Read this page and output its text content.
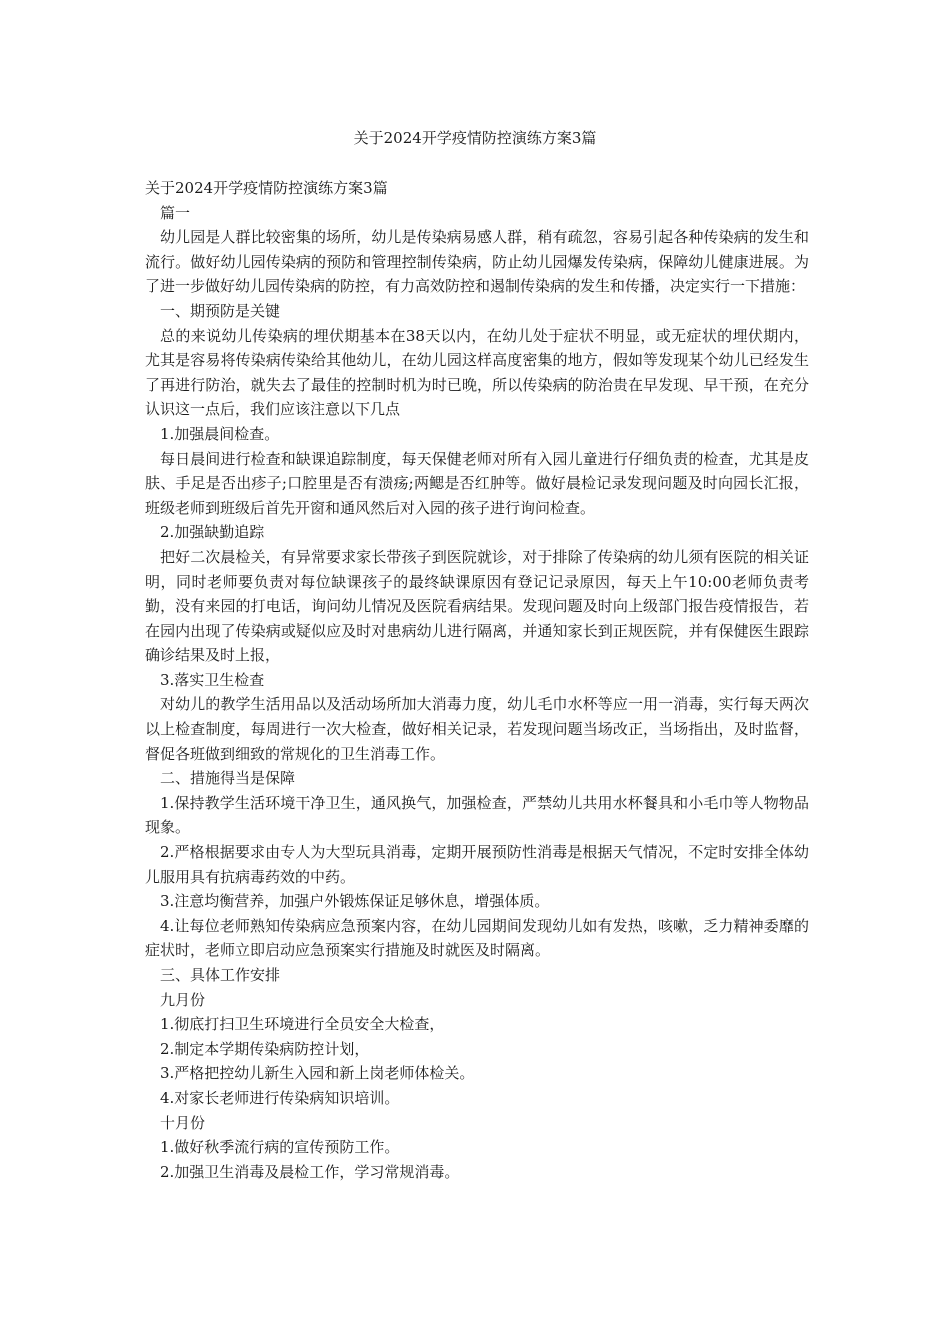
关于2024开学疫情防控演练方案3篇

关于2024开学疫情防控演练方案3篇

篇一

幼儿园是人群比较密集的场所，幼儿是传染病易感人群，稍有疏忽，容易引起各种传染病的发生和流行。做好幼儿园传染病的预防和管理控制传染病，防止幼儿园爆发传染病，保障幼儿健康进展。为了进一步做好幼儿园传染病的防控，有力高效防控和遏制传染病的发生和传播，决定实行一下措施：

一、期预防是关键

总的来说幼儿传染病的埋伏期基本在38天以内，在幼儿处于症状不明显，或无症状的埋伏期内，尤其是容易将传染病传染给其他幼儿，在幼儿园这样高度密集的地方，假如等发现某个幼儿已经发生了再进行防治，就失去了最佳的控制时机为时已晚，所以传染病的防治贵在早发现、早干预，在充分认识这一点后，我们应该注意以下几点

1.加强晨间检查。

每日晨间进行检查和缺课追踪制度，每天保健老师对所有入园儿童进行仔细负责的检查，尤其是皮肤、手足是否出疹子;口腔里是否有溃疡;两鳃是否红肿等。做好晨检记录发现问题及时向园长汇报，班级老师到班级后首先开窗和通风然后对入园的孩子进行询问检查。

2.加强缺勤追踪

把好二次晨检关，有异常要求家长带孩子到医院就诊，对于排除了传染病的幼儿须有医院的相关证明，同时老师要负责对每位缺课孩子的最终缺课原因有登记记录原因，每天上午10:00老师负责考勤，没有来园的打电话，询问幼儿情况及医院看病结果。发现问题及时向上级部门报告疫情报告，若在园内出现了传染病或疑似应及时对患病幼儿进行隔离，并通知家长到正规医院，并有保健医生跟踪确诊结果及时上报，

3.落实卫生检查

对幼儿的教学生活用品以及活动场所加大消毒力度，幼儿毛巾水杯等应一用一消毒，实行每天两次以上检查制度，每周进行一次大检查，做好相关记录，若发现问题当场改正，当场指出，及时监督，督促各班做到细致的常规化的卫生消毒工作。

二、措施得当是保障

1.保持教学生活环境干净卫生，通风换气，加强检查，严禁幼儿共用水杯餐具和小毛巾等人物物品现象。

2.严格根据要求由专人为大型玩具消毒，定期开展预防性消毒是根据天气情况，不定时安排全体幼儿服用具有抗病毒药效的中药。

3.注意均衡营养，加强户外锻炼保证足够休息，增强体质。

4.让每位老师熟知传染病应急预案内容，在幼儿园期间发现幼儿如有发热，咳嗽，乏力精神委靡的症状时，老师立即启动应急预案实行措施及时就医及时隔离。

三、具体工作安排

九月份

1.彻底打扫卫生环境进行全员安全大检查，

2.制定本学期传染病防控计划，

3.严格把控幼儿新生入园和新上岗老师体检关。

4.对家长老师进行传染病知识培训。

十月份

1.做好秋季流行病的宣传预防工作。

2.加强卫生消毒及晨检工作，学习常规消毒。
